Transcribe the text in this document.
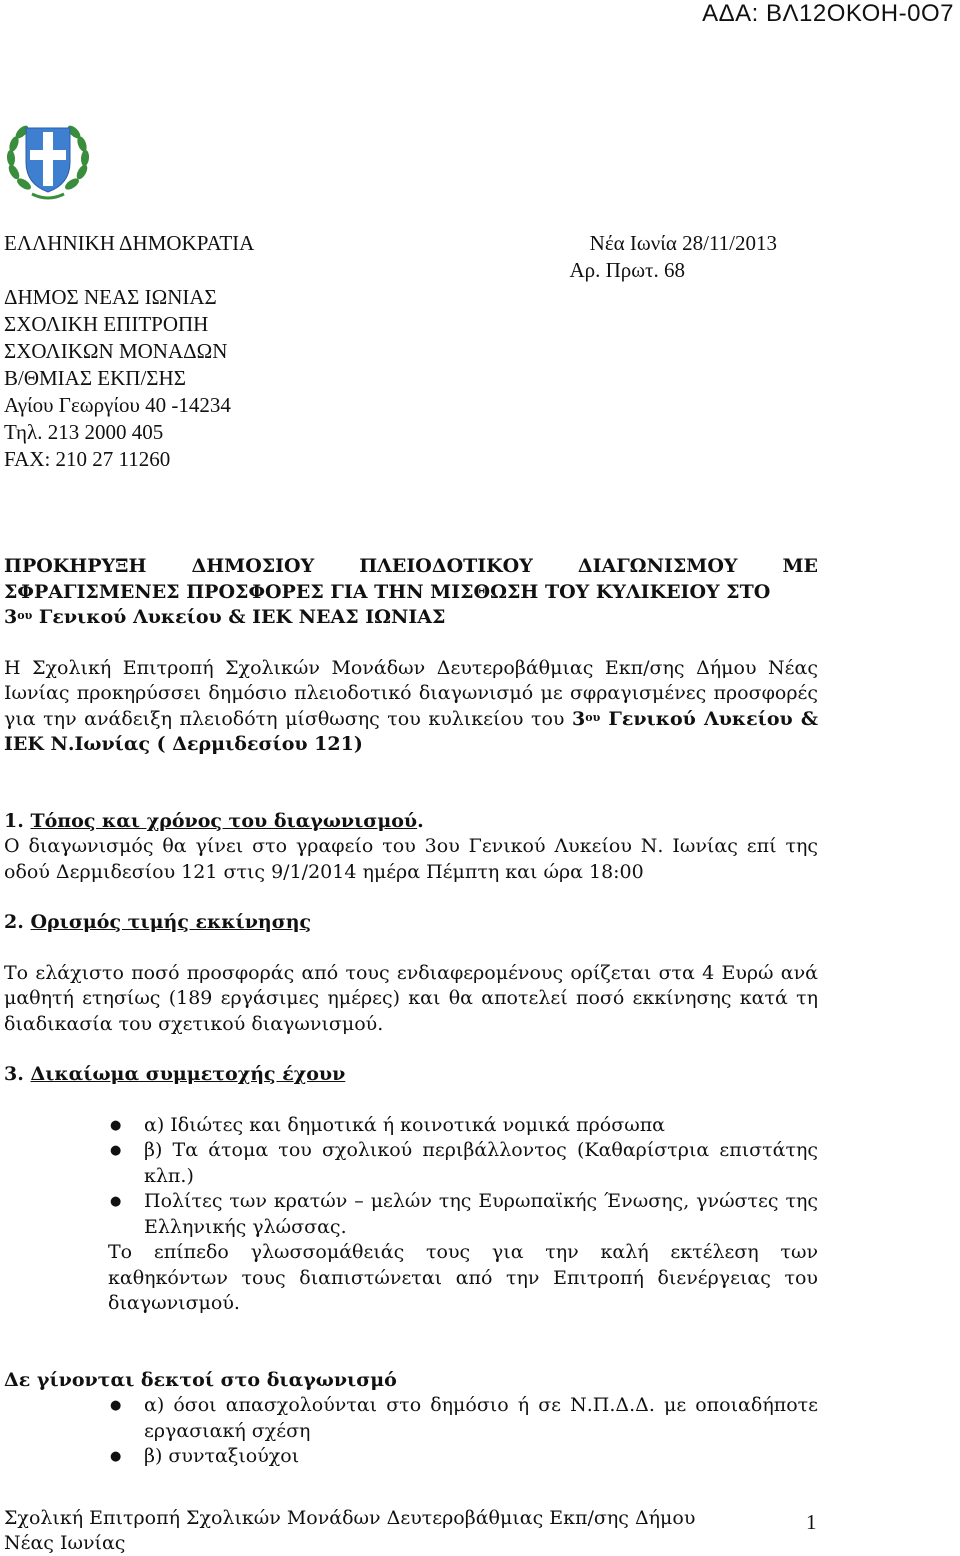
ΑΔΑ: ΒΛ12ΟΚΟΗ-0Ο7
ΕΛΛΗΝΙΚΗ ΔΗΜΟΚΡΑΤΙΑ
ΔΗΜΟΣ ΝΕΑΣ ΙΩΝΙΑΣ
ΣΧΟΛΙΚΗ ΕΠΙΤΡΟΠΗ
ΣΧΟΛΙΚΩΝ ΜΟΝΑΔΩΝ
Β/ΘΜΙΑΣ ΕΚΠ/ΣΗΣ
Αγίου Γεωργίου 40 -14234
Τηλ. 213 2000 405
FAX: 210 27 11260
Νέα Ιωνία 28/11/2013
Αρ. Πρωτ. 68

ΠΡΟΚΗΡΥΞΗ ΔΗΜΟΣΙΟΥ ΠΛΕΙΟΔΟΤΙΚΟΥ ΔΙΑΓΩΝΙΣΜΟΥ ΜΕ ΣΦΡΑΓΙΣΜΕΝΕΣ ΠΡΟΣΦΟΡΕΣ ΓΙΑ ΤΗΝ ΜΙΣΘΩΣΗ ΤΟΥ ΚΥΛΙΚΕΙΟΥ ΣΤΟ
$3^{o\upsilon}$ Γενικού Λυκείου & ΙΕΚ ΝΕΑΣ ΙΩΝΙΑΣ

Η Σχολική Επιτροπή Σχολικών Μονάδων Δευτεροβάθμιας Εκπ/σης Δήμου Νέας Ιωνίας προκηρύσσει δημόσιο πλειοδοτικό διαγωνισμό με σφραγισμένες προσφορές για την ανάδειξη πλειοδότη μίσθωσης του κυλικείου του $3^{o\upsilon}$ Γενικού Λυκείου & ΙΕΚ Ν.Ιωνίας ( Δερμιδεσίου 121)

1. Τόπος και χρόνος του διαγωνισμού.

Ο διαγωνισμός θα γίνει στο γραφείο του 3ου Γενικού Λυκείου Ν. Ιωνίας επί της οδού Δερμιδεσίου 121 στις 9/1/2014 ημέρα Πέμπτη και ώρα 18:00

2. Ορισμός τιμής εκκίνησης

Το ελάχιστο ποσό προσφοράς από τους ενδιαφερομένους ορίζεται στα 4 Ευρώ ανά μαθητή ετησίως (189 εργάσιμες ημέρες) και θα αποτελεί ποσό εκκίνησης κατά τη διαδικασία του σχετικού διαγωνισμού.

3. Δικαίωμα συμμετοχής έχουν

● α) Ιδιώτες και δημοτικά ή κοινοτικά νομικά πρόσωπα
● β) Τα άτομα του σχολικού περιβάλλοντος (Καθαρίστρια επιστάτης κλπ.)
● Πολίτες των κρατών – μελών της Ευρωπαϊκής Ένωσης, γνώστες της Ελληνικής γλώσσας.

Το επίπεδο γλωσσομάθειάς τους για την καλή εκτέλεση των καθηκόντων τους διαπιστώνεται από την Επιτροπή διενέργειας του διαγωνισμού.

Δε γίνονται δεκτοί στο διαγωνισμό

● α) όσοι απασχολούνται στο δημόσιο ή σε Ν.Π.Δ.Δ. με οποιαδήποτε εργασιακή σχέση
● β) συνταξιούχοι
Σχολική Επιτροπή Σχολικών Μονάδων Δευτεροβάθμιας Εκπ/σης Δήμου Νέας Ιωνίας
1
